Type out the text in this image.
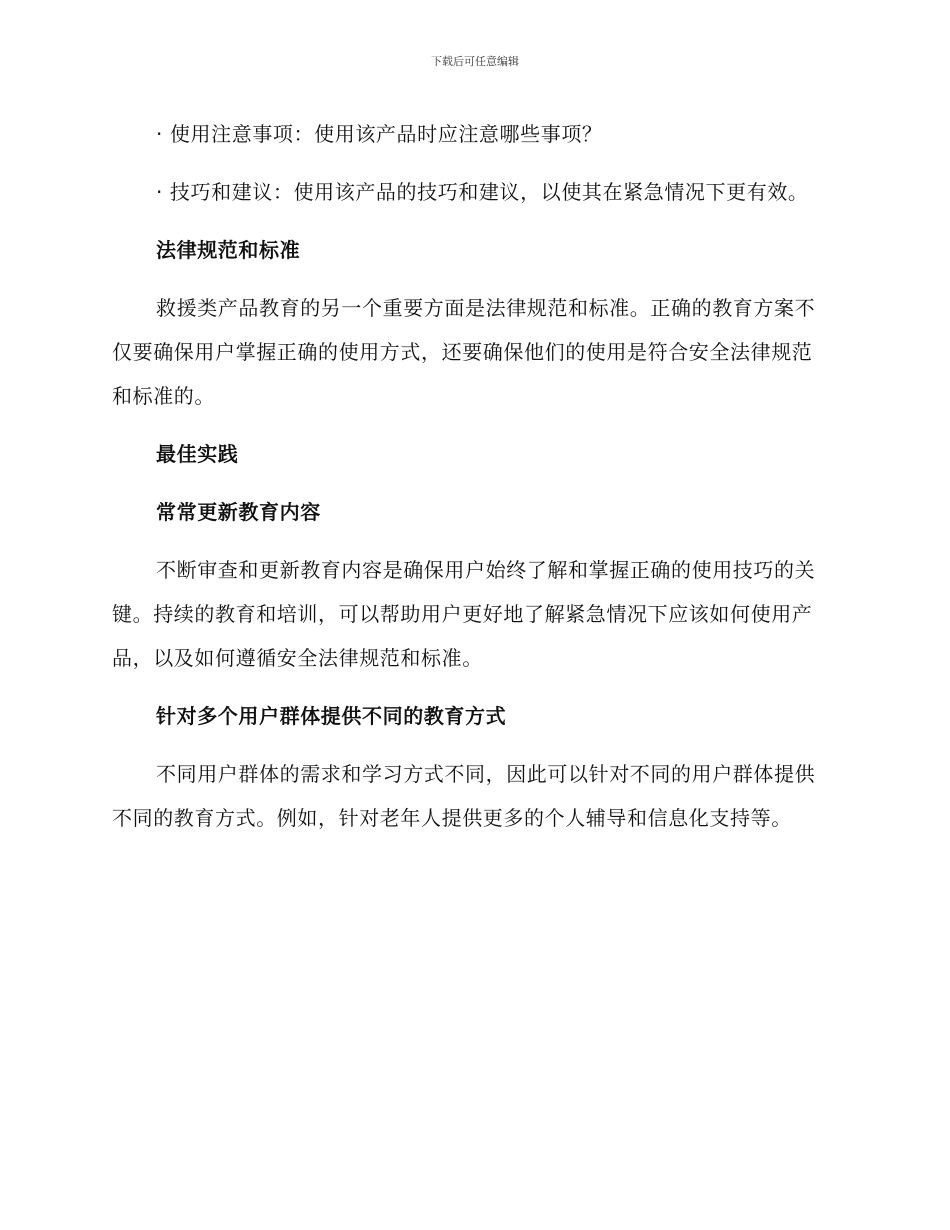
下载后可任意编辑

· 使用注意事项：使用该产品时应注意哪些事项？

· 技巧和建议：使用该产品的技巧和建议，以使其在紧急情况下更有效。

法律规范和标准

救援类产品教育的另一个重要方面是法律规范和标准。正确的教育方案不仅要确保用户掌握正确的使用方式，还要确保他们的使用是符合安全法律规范和标准的。

最佳实践

常常更新教育内容

不断审查和更新教育内容是确保用户始终了解和掌握正确的使用技巧的关键。持续的教育和培训，可以帮助用户更好地了解紧急情况下应该如何使用产品，以及如何遵循安全法律规范和标准。

针对多个用户群体提供不同的教育方式

不同用户群体的需求和学习方式不同，因此可以针对不同的用户群体提供不同的教育方式。例如，针对老年人提供更多的个人辅导和信息化支持等。
